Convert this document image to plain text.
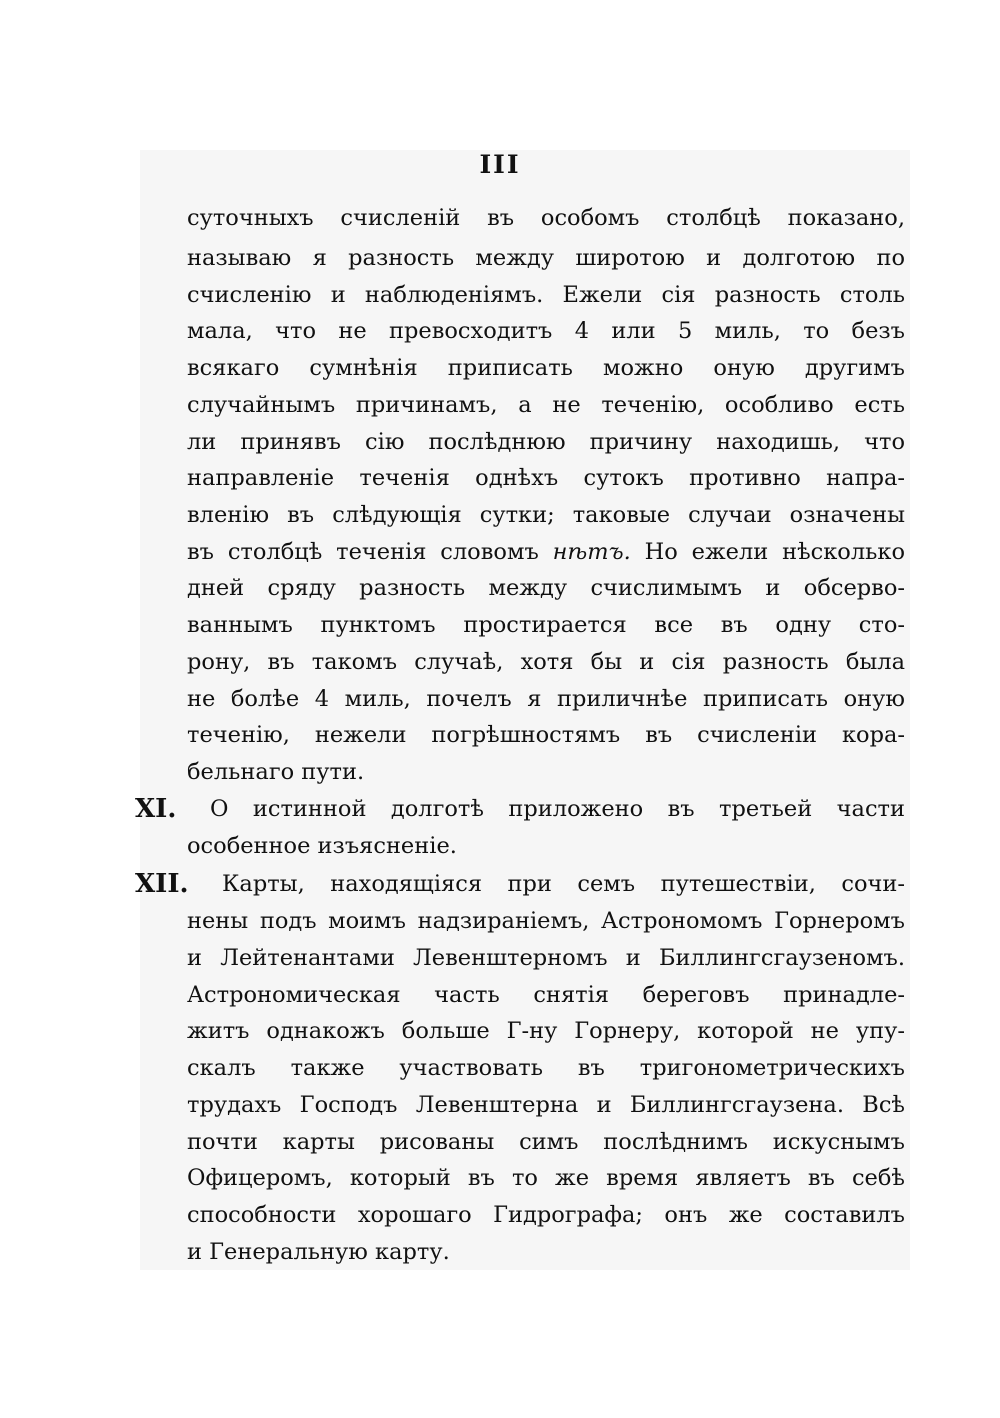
III
суточныхъ счисленій въ особомъ столбцѣ показано,
называю я разность между широтою и долготою по
счисленію и наблюденіямъ. Ежели сія разность столь
мала, что не превосходитъ 4 или 5 миль, то безъ
всякаго сумнѣнія приписать можно оную другимъ
случайнымъ причинамъ, а не теченію, особливо есть
ли принявъ сію послѣднюю причину находишь, что
направленіе теченія однѣхъ сутокъ противно напра-
вленію въ слѣдующія сутки; таковые случаи означены
въ столбцѣ теченія словомъ нѣтъ. Но ежели нѣсколько
дней сряду разность между счислимымъ и обсерво-
ваннымъ пунктомъ простирается все въ одну сто-
рону, въ такомъ случаѣ, хотя бы и сія разность была
не болѣе 4 миль, почелъ я приличнѣе приписать оную
теченію, нежели погрѣшностямъ въ счисленіи кора-
бельнаго пути.
XI. О истинной долготѣ приложено въ третьей части
особенное изъясненіе.
XII. Карты, находящіяся при семъ путешествіи, сочи-
нены подъ моимъ надзираніемъ, Астрономомъ Горнеромъ
и Лейтенантами Левенштерномъ и Биллингсгаузеномъ.
Астрономическая часть снятія береговъ принадле-
житъ однакожъ больше Г-ну Горнеру, которой не упу-
скалъ также участвовать въ тригонометрическихъ
трудахъ Господъ Левенштерна и Биллингсгаузена. Всѣ
почти карты рисованы симъ послѣднимъ искуснымъ
Офицеромъ, который въ то же время являетъ въ себѣ
способности хорошаго Гидрографа; онъ же составилъ
и Генеральную карту.
